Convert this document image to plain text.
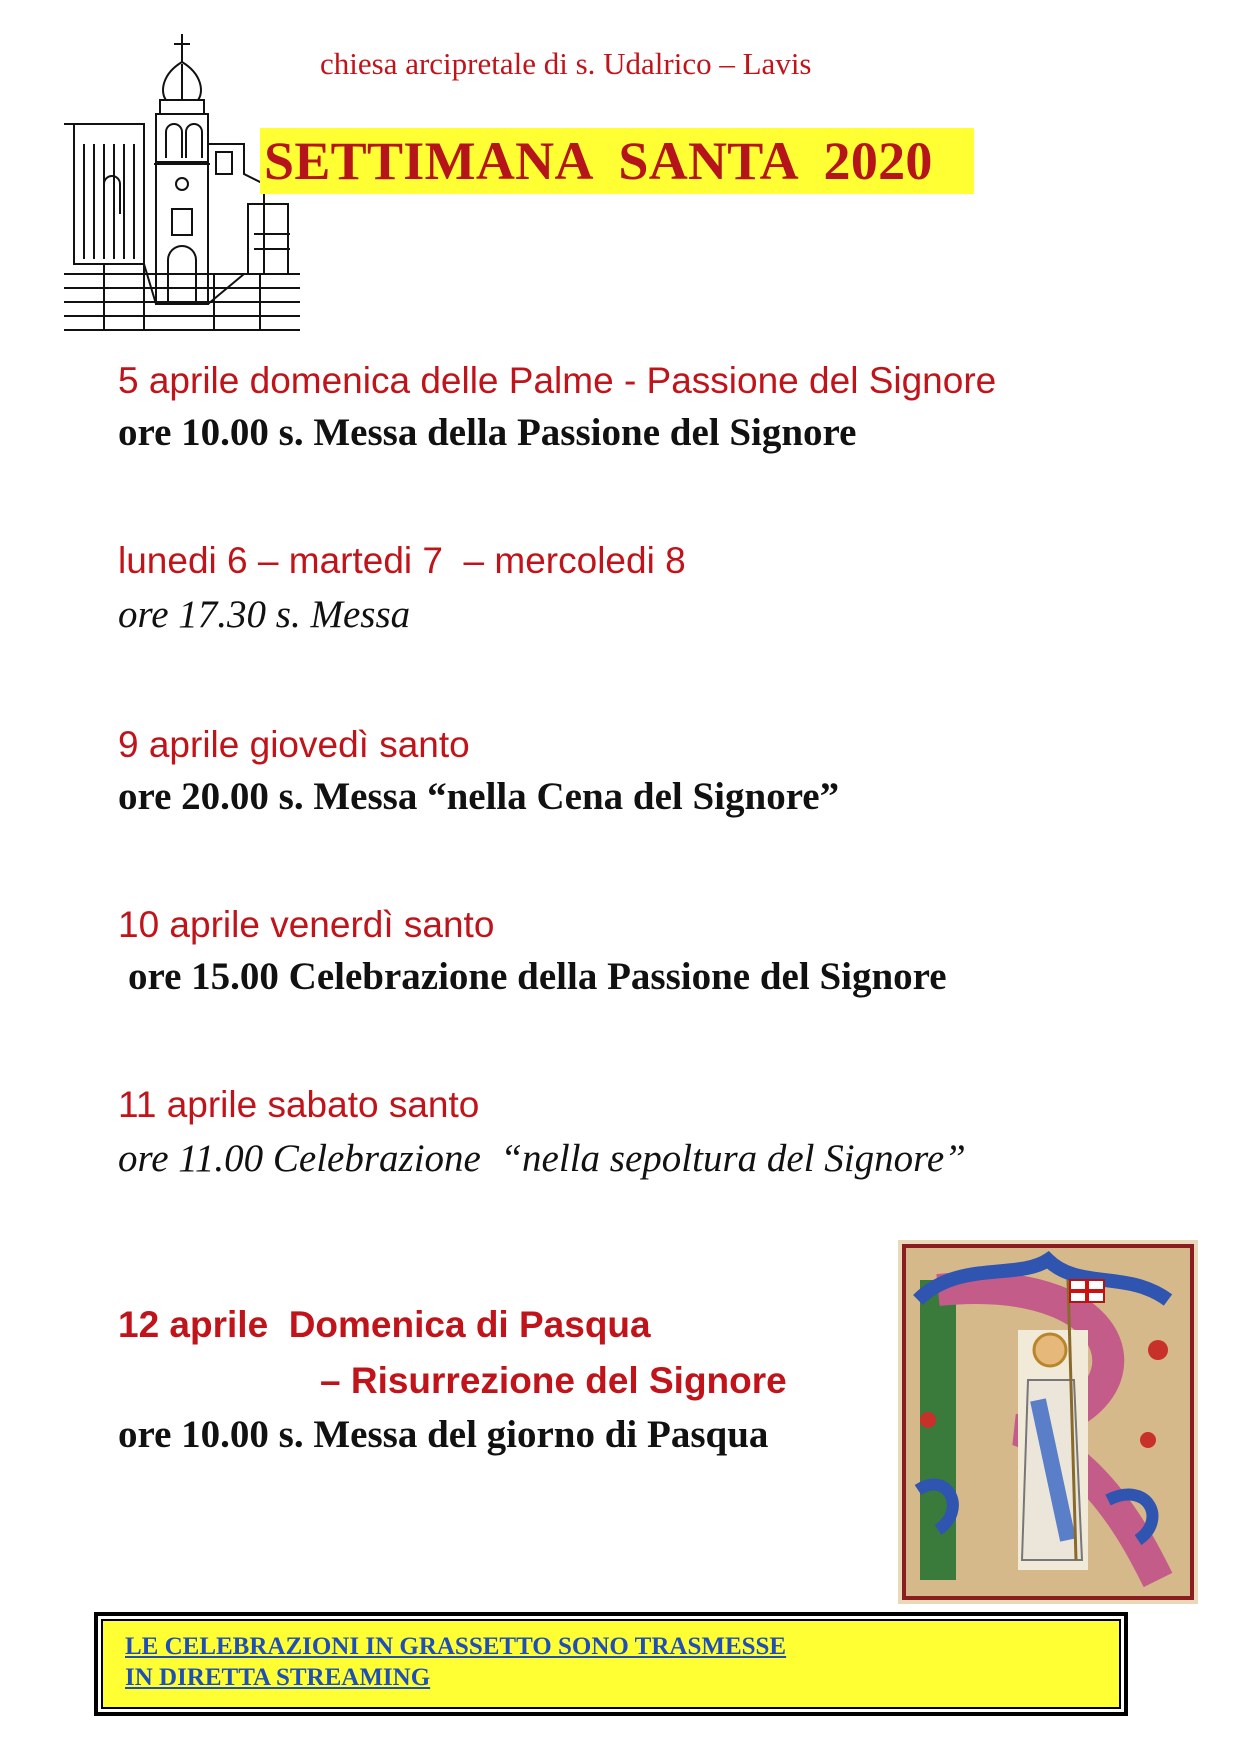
chiesa arcipretale di s. Udalrico – Lavis
SETTIMANA  SANTA  2020
5 aprile domenica delle Palme - Passione del Signore
ore 10.00 s. Messa della Passione del Signore
lunedi 6 – martedi 7  – mercoledi 8
ore 17.30 s. Messa
9 aprile giovedì santo
ore 20.00 s. Messa “nella Cena del Signore”
10 aprile venerdì santo
ore 15.00 Celebrazione della Passione del Signore
11 aprile sabato santo
ore 11.00 Celebrazione  “nella sepoltura del Signore”
12 aprile  Domenica di Pasqua
– Risurrezione del Signore
ore 10.00 s. Messa del giorno di Pasqua
LE CELEBRAZIONI IN GRASSETTO SONO TRASMESSE
IN DIRETTA STREAMING
